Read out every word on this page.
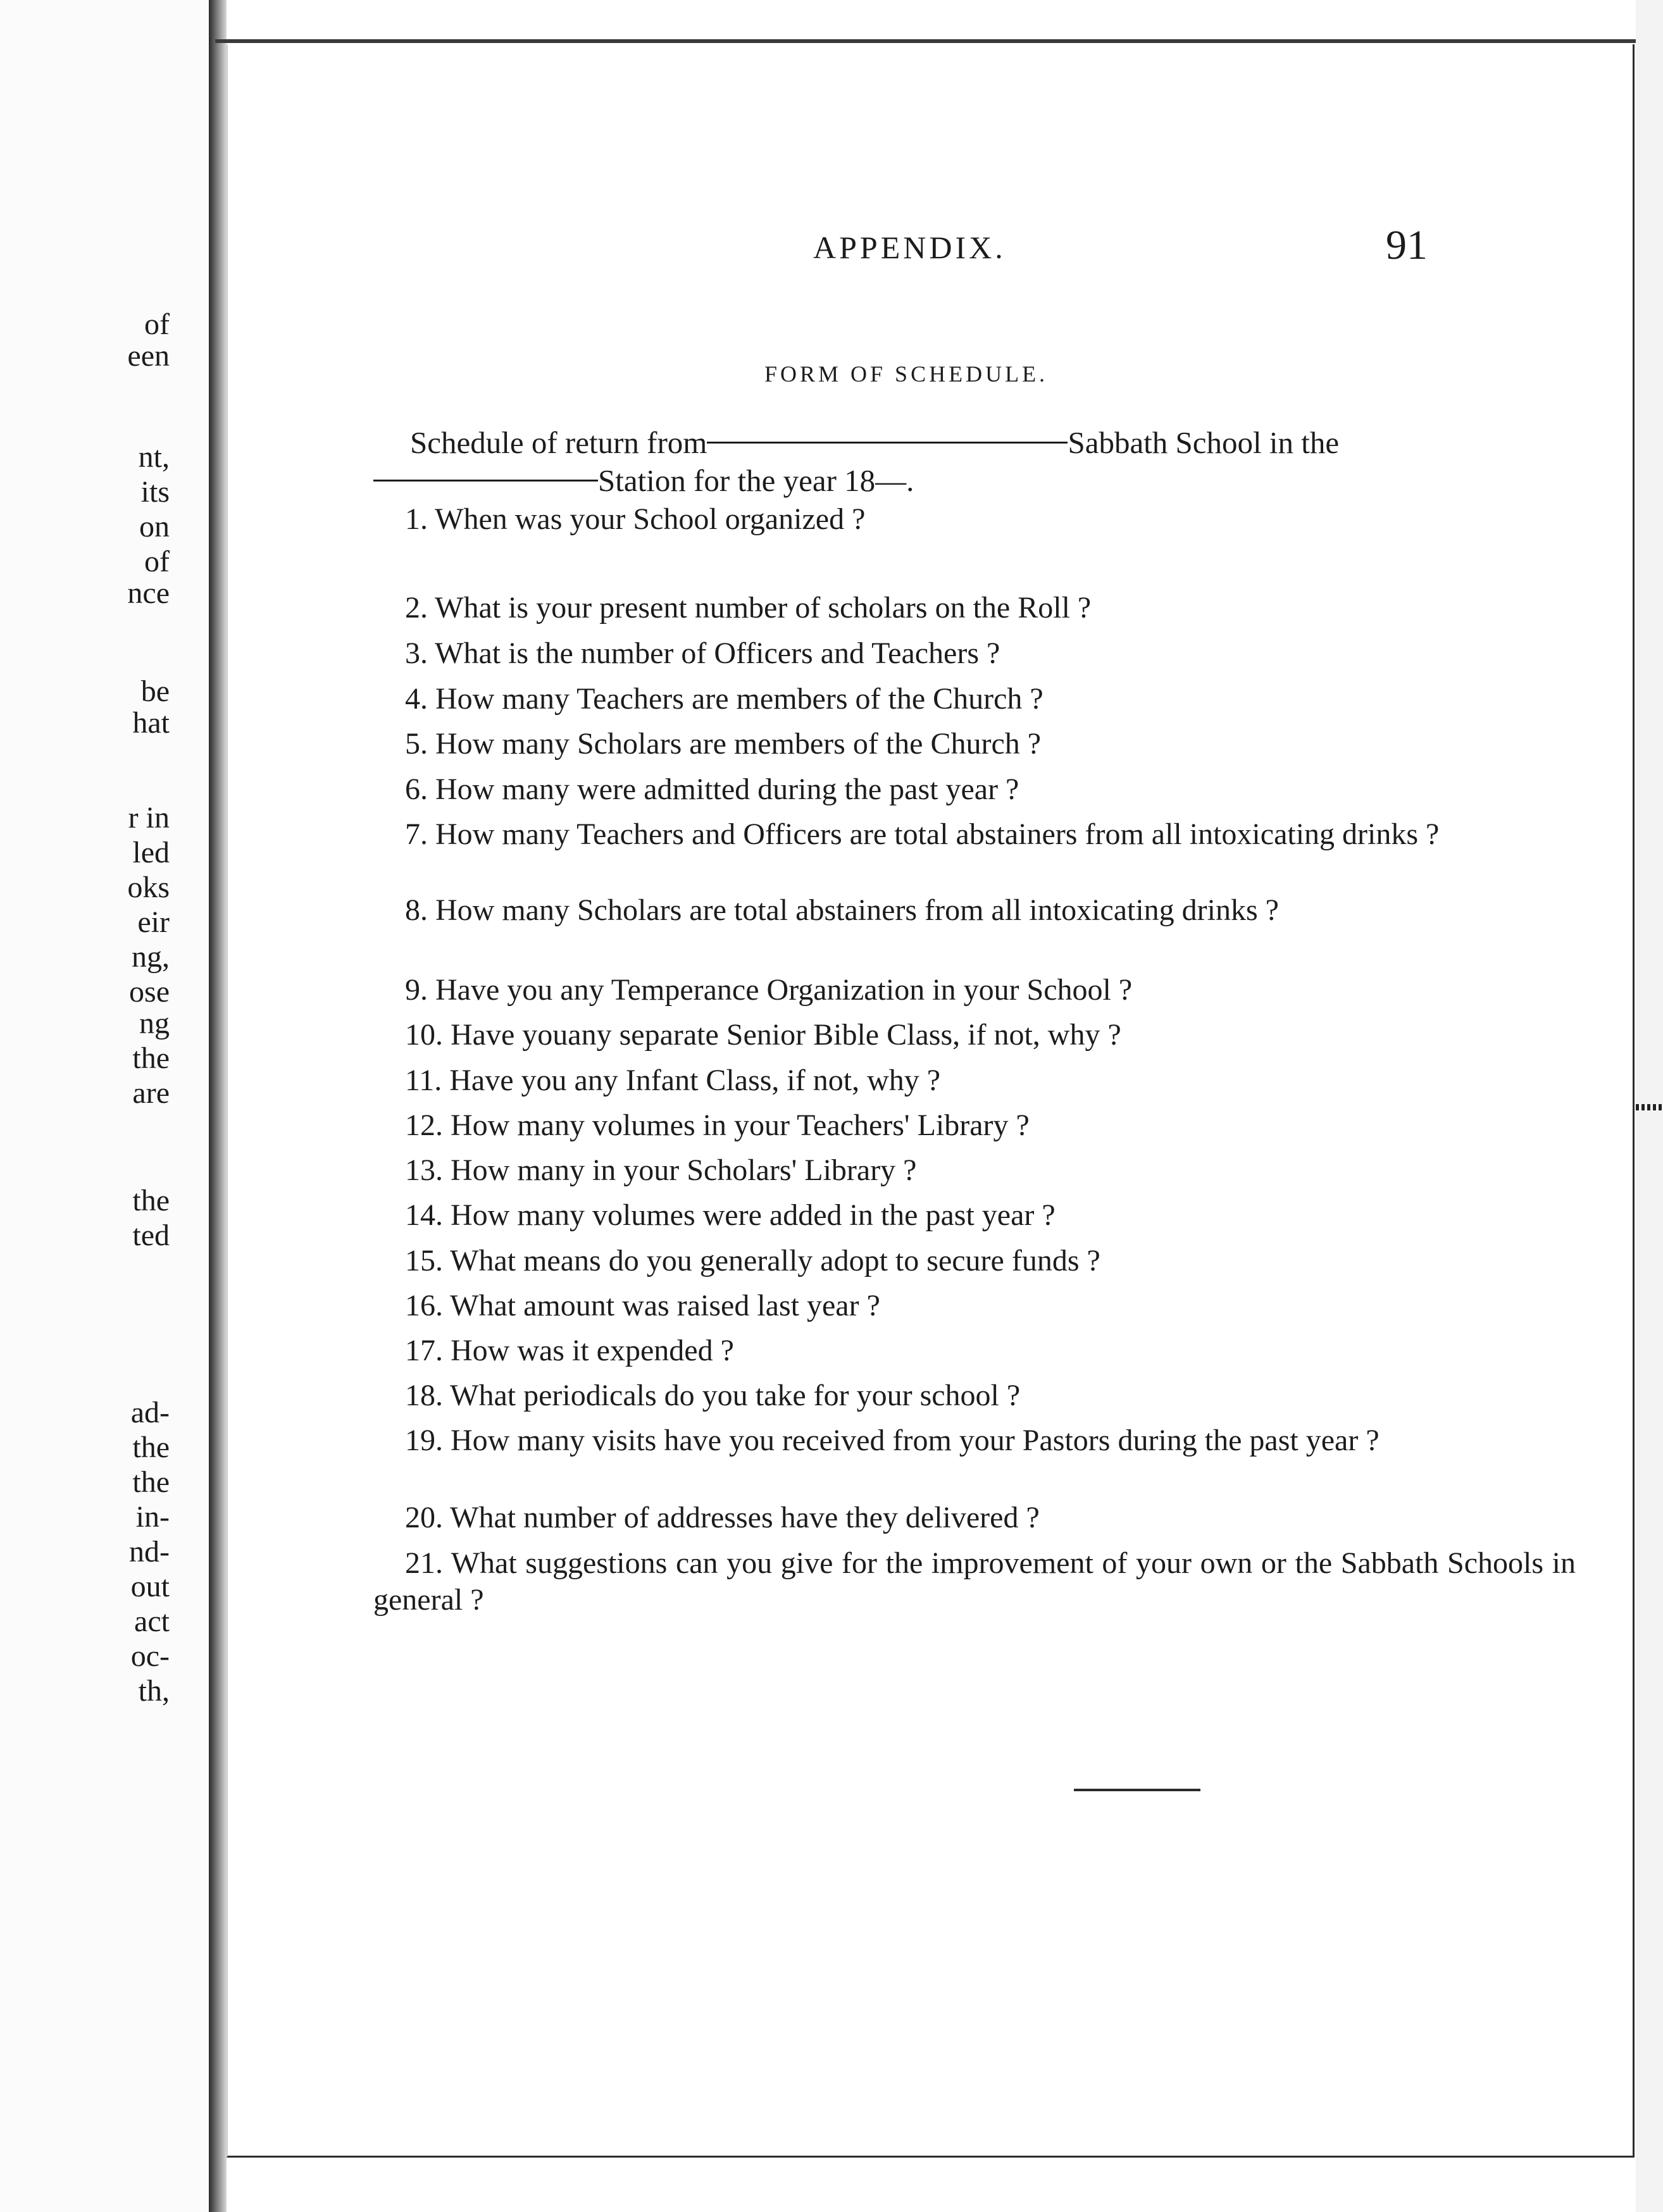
of
een
nt,
its
on
of
nce
be
hat
r in
led
oks
eir
ng,
ose
ng
the
are
the
ted
ad-
the
the
in-
nd-
out
act
oc-
th,
APPENDIX.	91
FORM OF SCHEDULE.
Schedule of return from	Sabbath School in the
Station for the year 18—.
1. When was your School organized ?
2. What is your present number of scholars on the Roll ?
3. What is the number of Officers and Teachers ?
4. How many Teachers are members of the Church ?
5. How many Scholars are members of the Church ?
6. How many were admitted during the past year ?
7. How many Teachers and Officers are total abstainers from all intoxicating drinks ?
8. How many Scholars are total abstainers from all intoxicating drinks ?
9. Have you any Temperance Organization in your School ?
10. Have youany separate Senior Bible Class, if not, why ?
11. Have you any Infant Class, if not, why ?
12. How many volumes in your Teachers' Library ?
13. How many in your Scholars' Library ?
14. How many volumes were added in the past year ?
15. What means do you generally adopt to secure funds ?
16. What amount was raised last year ?
17. How was it expended ?
18. What periodicals do you take for your school ?
19. How many visits have you received from your Pastors during the past year ?
20. What number of addresses have they delivered ?
21. What suggestions can you give for the improvement of your own or the Sabbath Schools in general ?
